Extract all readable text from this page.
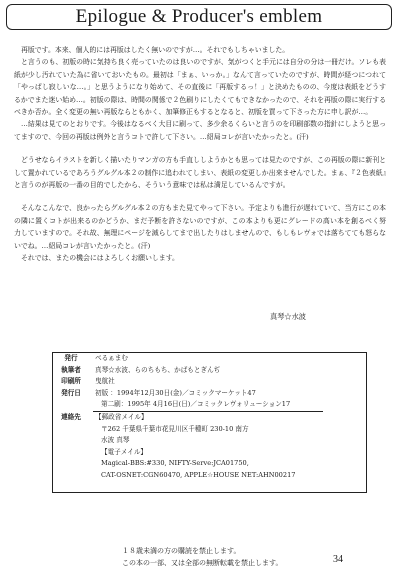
Epilogue & Producer's emblem

再版です。本来、個人的には再版はしたく無いのですが…。それでもしちゃいました。

と言うのも、初版の時に気持ち良く売っていたのは良いのですが、気がつくと手元には自分の分は一冊だけ。ソレも表紙が少し汚れていた為に省いておいたもの。最初は「まぁ、いっか。」なんて言っていたのですが、時間が経つにつれて「やっぱし寂しいな…。」と思うようになり始めて、その直後に「再版するっ！」と決めたものの、今度は表紙をどうするかでまた迷い始め…。初版の際は、時間の関係で２色刷りにしたくてもできなかったので、それを再版の際に実行するべきか否か。全く変更の無い再版ならともかく、加筆修正もするとなると、初版を買って下さった方に申し訳が…。

…結果は見てのとおりです。今後はなるべく大目に刷って、多少余るくらいと言うのを印刷部数の指針にしようと思ってますので、今回の再版は例外と言うコトで許して下さい。…紹局コレが言いたかったと。(汗)

どうせならイラストを新しく描いたりマンガの方も手直ししようかとも思っては見たのですが、この再版の際に新刊として置かれているであろうグルグル本２の制作に追われてしまい、表紙の変更しか出来ませんでした。まぁ、『２色表紙』と言うのが再版の一番の目的でしたから、そういう意味では私は満足しているんですが。

そんなこんなで、良かったらグルグル本２の方もまた見てやって下さい。予定よりも進行が遅れていて、当方にこの本の隣に置くコトが出来るのかどうか、まだ予断を許さないのですが、この本よりも更にグレードの高い本を創るべく努力していますので。それ故、無理にページを減らしてまで出したりはしませんので、もしもレヴォでは落ちてても怒らないでね。…紹局コレが言いたかったと。(汗)

それでは、またの機会にはよろしくお願いします。

真琴☆水波
発行	べるぁまむ
執筆者	真琴☆水波、らのちもち、かばもとぎんぢ
印刷所	曳航社
発行日	初版 ：1994年12月30日(金)／コミックマーケット47
第二刷：1995年 4月16日(日)／コミックレヴォリューション17
連絡先	【郵政省メイル】
〒262 千葉県千葉市花見川区千種町 230-10 南方
水波 真琴
【電子メイル】
Magical-BBS:#330, NIFTY-Serve:JCA01750,
CAT-OSNET:CGN60470, APPLE☆HOUSE NET:AHN00217
１８歳未満の方の購読を禁止します。
この本の一部、又は全部の無断転載を禁止します。	34
